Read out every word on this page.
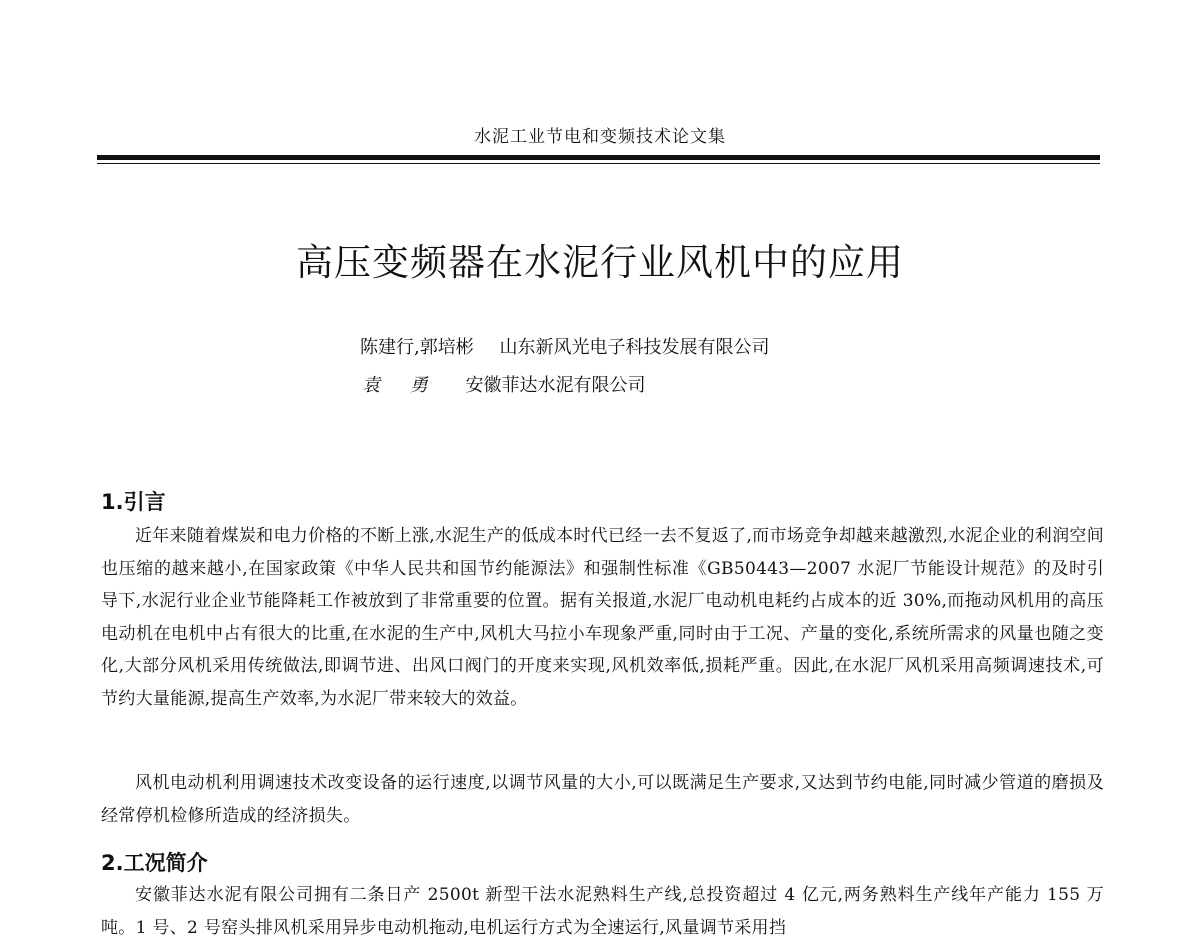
水泥工业节电和变频技术论文集
高压变频器在水泥行业风机中的应用
陈建行,郭培彬 山东新风光电子科技发展有限公司
袁 勇 安徽菲达水泥有限公司
1.引言

近年来随着煤炭和电力价格的不断上涨,水泥生产的低成本时代已经一去不复返了,而市场竞争却越来越激烈,水泥企业的利润空间也压缩的越来越小,在国家政策《中华人民共和国节约能源法》和强制性标准《GB50443—2007 水泥厂节能设计规范》的及时引导下,水泥行业企业节能降耗工作被放到了非常重要的位置。据有关报道,水泥厂电动机电耗约占成本的近 30%,而拖动风机用的高压电动机在电机中占有很大的比重,在水泥的生产中,风机大马拉小车现象严重,同时由于工况、产量的变化,系统所需求的风量也随之变化,大部分风机采用传统做法,即调节进、出风口阀门的开度来实现,风机效率低,损耗严重。因此,在水泥厂风机采用高频调速技术,可节约大量能源,提高生产效率,为水泥厂带来较大的效益。

风机电动机利用调速技术改变设备的运行速度,以调节风量的大小,可以既满足生产要求,又达到节约电能,同时减少管道的磨损及经常停机检修所造成的经济损失。

2.工况简介

安徽菲达水泥有限公司拥有二条日产 2500t 新型干法水泥熟料生产线,总投资超过 4 亿元,两务熟料生产线年产能力 155 万吨。1 号、2 号窑头排风机采用异步电动机拖动,电机运行方式为全速运行,风量调节采用挡
